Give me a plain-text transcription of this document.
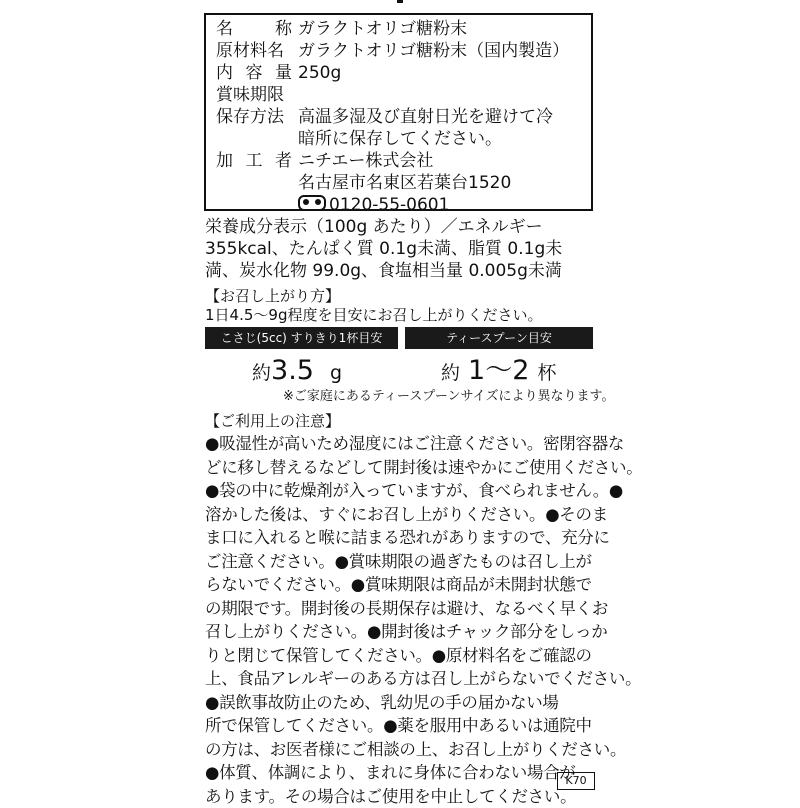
名 称 ガラクトオリゴ糖粉末
原材料名 ガラクトオリゴ糖粉末（国内製造）
内 容 量 250g
賞味期限
保存方法 高温多湿及び直射日光を避けて冷
暗所に保存してください。
加 工 者 ニチエー株式会社
名古屋市名東区若葉台1520
0120-55-0601
栄養成分表示（100g あたり）／エネルギー
355kcal、たんぱく質 0.1g未満、脂質 0.1g未
満、炭水化物 99.0g、食塩相当量 0.005g未満
【お召し上がり方】
1日4.5～9g程度を目安にお召し上がりください。
こさじ(5cc) すりきり1杯目安	ティースプーン目安
約3.5 g	約 1～2 杯
※ご家庭にあるティースプーンサイズにより異なります。
【ご利用上の注意】

●吸湿性が高いため湿度にはご注意ください。密閉容器な

どに移し替えるなどして開封後は速やかにご使用ください。

●袋の中に乾燥剤が入っていますが、食べられません。●

溶かした後は、すぐにお召し上がりください。●そのま

ま口に入れると喉に詰まる恐れがありますので、充分に

ご注意ください。●賞味期限の過ぎたものは召し上が

らないでください。●賞味期限は商品が未開封状態で

の期限です。開封後の長期保存は避け、なるべく早くお

召し上がりください。●開封後はチャック部分をしっか

りと閉じて保管してください。●原材料名をご確認の

上、食品アレルギーのある方は召し上がらないでください。

●誤飲事故防止のため、乳幼児の手の届かない場

所で保管してください。●薬を服用中あるいは通院中

の方は、お医者様にご相談の上、お召し上がりください。

●体質、体調により、まれに身体に合わない場合が

あります。その場合はご使用を中止してください。

K70
